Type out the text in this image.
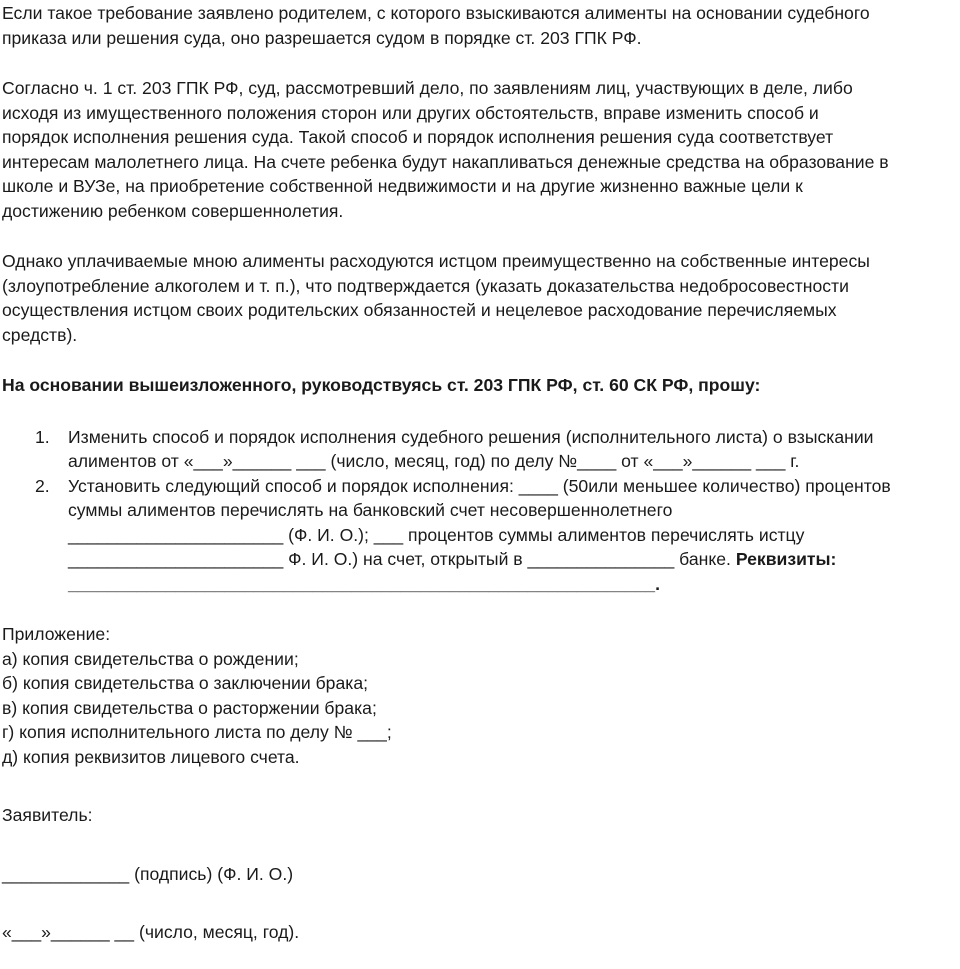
Если такое требование заявлено родителем, с которого взыскиваются алименты на основании судебного
приказа или решения суда, оно разрешается судом в порядке ст. 203 ГПК РФ.
Согласно ч. 1 ст. 203 ГПК РФ, суд, рассмотревший дело, по заявлениям лиц, участвующих в деле, либо
исходя из имущественного положения сторон или других обстоятельств, вправе изменить способ и
порядок исполнения решения суда. Такой способ и порядок исполнения решения суда соответствует
интересам малолетнего лица. На счете ребенка будут накапливаться денежные средства на образование в
школе и ВУЗе, на приобретение собственной недвижимости и на другие жизненно важные цели к
достижению ребенком совершеннолетия.
Однако уплачиваемые мною алименты расходуются истцом преимущественно на собственные интересы
(злоупотребление алкоголем и т. п.), что подтверждается (указать доказательства недобросовестности
осуществления истцом своих родительских обязанностей и нецелевое расходование перечисляемых
средств).
На основании вышеизложенного, руководствуясь ст. 203 ГПК РФ, ст. 60 СК РФ, прошу:
1. Изменить способ и порядок исполнения судебного решения (исполнительного листа) о взыскании
алиментов от «___»______ ___ (число, месяц, год) по делу №____ от «___»______ ___ г.
2. Установить следующий способ и порядок исполнения: ____ (50или меньшее количество) процентов
суммы алиментов перечислять на банковский счет несовершеннолетнего
______________________ (Ф. И. О.); ___ процентов суммы алиментов перечислять истцу
______________________ Ф. И. О.) на счет, открытый в _______________ банке. Реквизиты:
____________________________________________________________.
Приложение:
а) копия свидетельства о рождении;
б) копия свидетельства о заключении брака;
в) копия свидетельства о расторжении брака;
г) копия исполнительного листа по делу № ___;
д) копия реквизитов лицевого счета.
Заявитель:
_____________ (подпись) (Ф. И. О.)
«___»______ __ (число, месяц, год).
